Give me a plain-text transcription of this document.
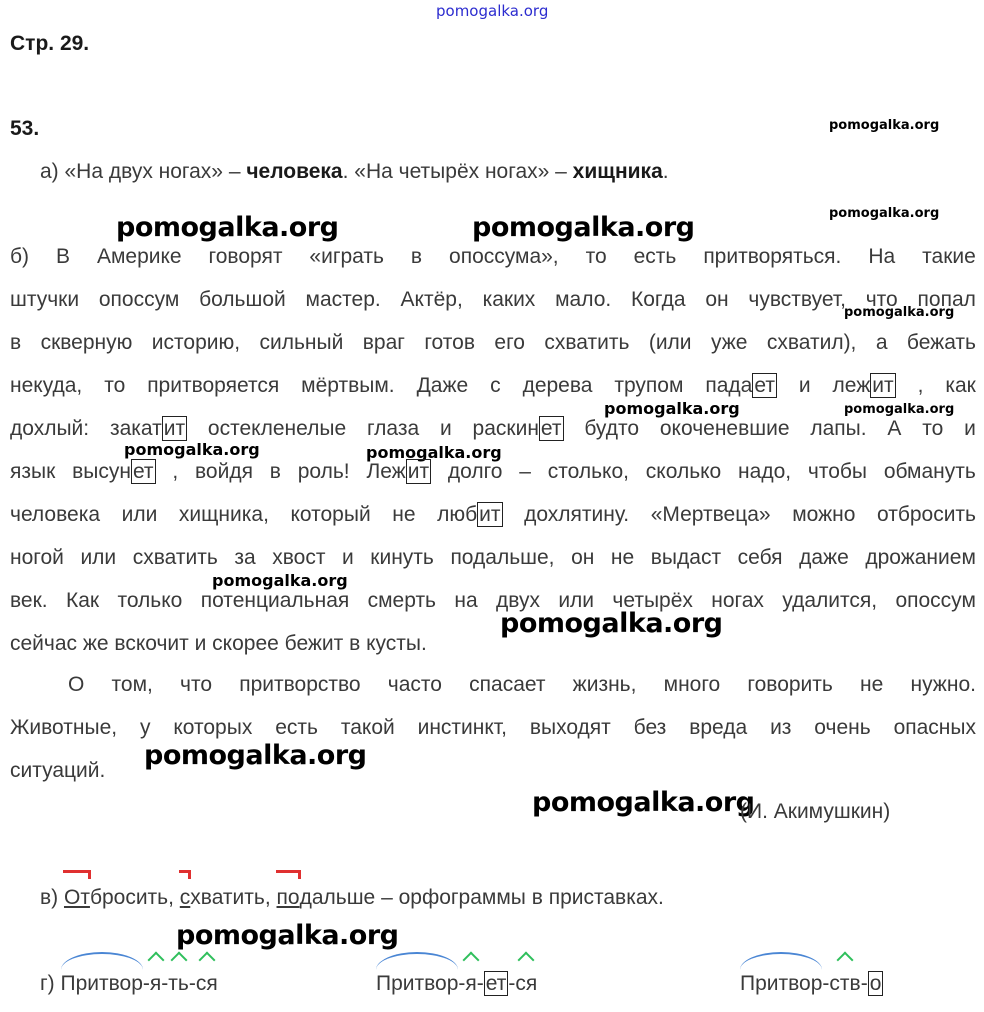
pomogalka.org
pomogalka.org
pomogalka.org
pomogalka.org	pomogalka.org
pomogalka.org
pomogalka.org	pomogalka.org
pomogalka.org	pomogalka.org
pomogalka.org
pomogalka.org
pomogalka.org
pomogalka.org
pomogalka.org
Стр. 29.
53.
а) «На двух ногах» – человека. «На четырёх ногах» – хищника.
б) В Америке говорят «играть в опоссума», то есть притворяться. На такие
штучки опоссум большой мастер. Актёр, каких мало. Когда он чувствует, что попал
в скверную историю, сильный враг готов его схватить (или уже схватил), а бежать
некуда, то притворяется мёртвым. Даже с дерева трупом падает и лежит , как
дохлый: закатит остекленелые глаза и раскинет будто окоченевшие лапы. А то и
язык высунет , войдя в роль! Лежит долго – столько, сколько надо, чтобы обмануть
человека или хищника, который не любит дохлятину. «Мертвеца» можно отбросить
ногой или схватить за хвост и кинуть подальше, он не выдаст себя даже дрожанием
век. Как только потенциальная смерть на двух или четырёх ногах удалится, опоссум
сейчас же вскочит и скорее бежит в кусты.
О том, что притворство часто спасает жизнь, много говорить не нужно.
Животные, у которых есть такой инстинкт, выходят без вреда из очень опасных
ситуаций.
(И. Акимушкин)
в) Отбросить, схватить, подальше – орфограммы в приставках.
г) Притвор-я-ть-ся	Притвор-я-ет-ся	Притвор-ств-о
